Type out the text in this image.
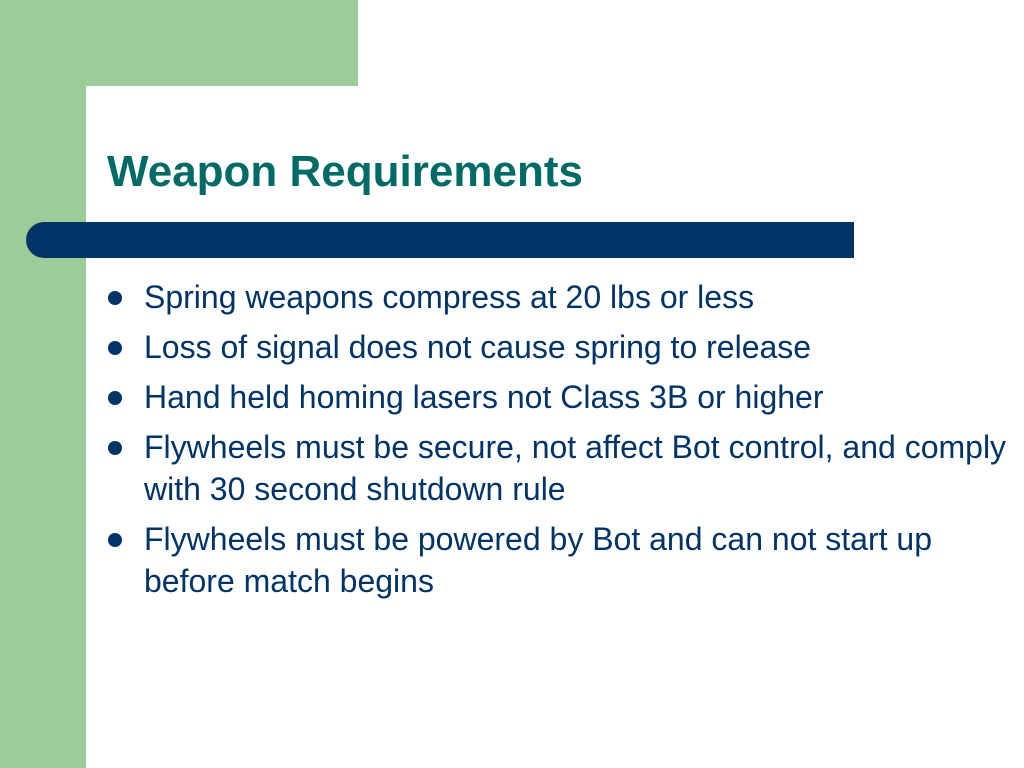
Weapon Requirements
Spring weapons compress at 20 lbs or less
Loss of signal does not cause spring to release
Hand held homing lasers not Class 3B or higher
Flywheels must be secure, not affect Bot control, and comply with 30 second shutdown rule
Flywheels must be powered by Bot and can not start up before match begins
